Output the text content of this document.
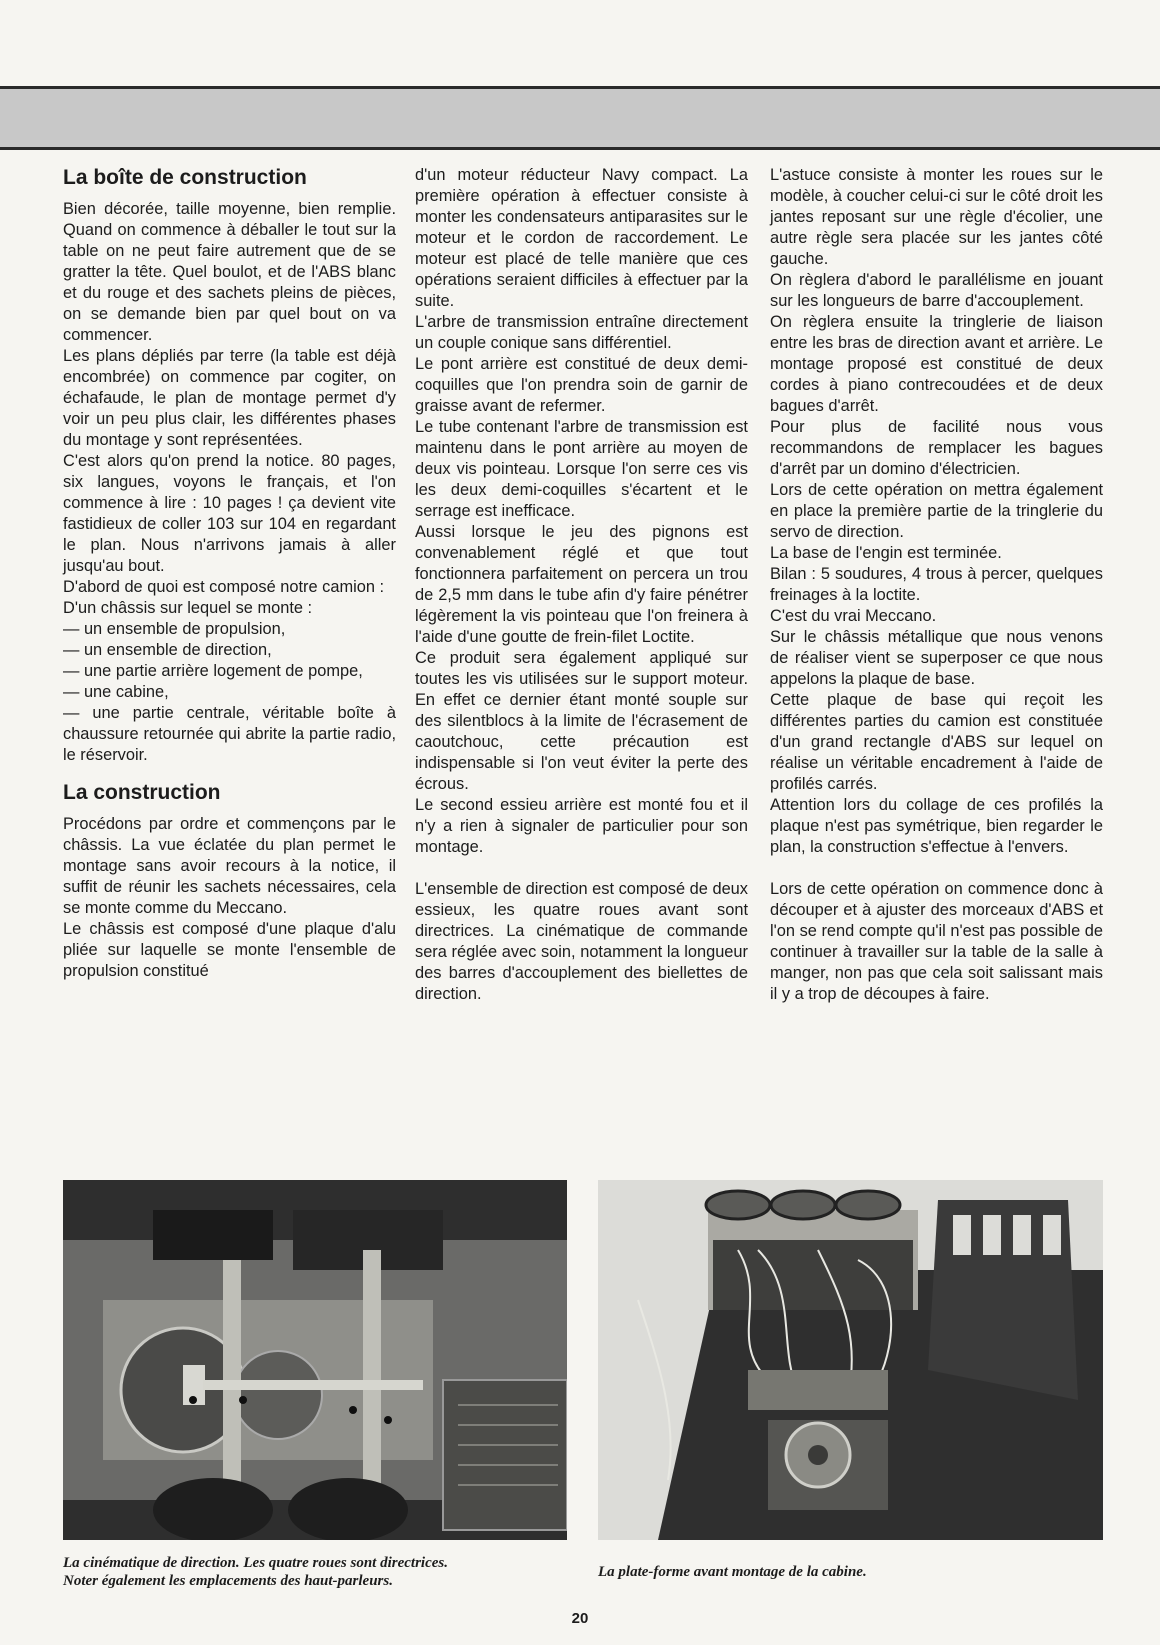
La boîte de construction

Bien décorée, taille moyenne, bien remplie. Quand on commence à déballer le tout sur la table on ne peut faire autrement que de se gratter la tête. Quel boulot, et de l'ABS blanc et du rouge et des sachets pleins de pièces, on se demande bien par quel bout on va commencer.

Les plans dépliés par terre (la table est déjà encombrée) on commence par cogiter, on échafaude, le plan de montage permet d'y voir un peu plus clair, les différentes phases du montage y sont représentées.

C'est alors qu'on prend la notice. 80 pages, six langues, voyons le français, et l'on commence à lire : 10 pages ! ça devient vite fastidieux de coller 103 sur 104 en regardant le plan. Nous n'arrivons jamais à aller jusqu'au bout.

D'abord de quoi est composé notre camion :

D'un châssis sur lequel se monte :

— un ensemble de propulsion,

— un ensemble de direction,

— une partie arrière logement de pompe,

— une cabine,

— une partie centrale, véritable boîte à chaussure retournée qui abrite la partie radio, le réservoir.

La construction

Procédons par ordre et commençons par le châssis. La vue éclatée du plan permet le montage sans avoir recours à la notice, il suffit de réunir les sachets nécessaires, cela se monte comme du Meccano.

Le châssis est composé d'une plaque d'alu pliée sur laquelle se monte l'ensemble de propulsion constitué

d'un moteur réducteur Navy compact. La première opération à effectuer consiste à monter les condensateurs antiparasites sur le moteur et le cordon de raccordement. Le moteur est placé de telle manière que ces opérations seraient difficiles à effectuer par la suite.

L'arbre de transmission entraîne directement un couple conique sans différentiel.

Le pont arrière est constitué de deux demi-coquilles que l'on prendra soin de garnir de graisse avant de refermer.

Le tube contenant l'arbre de transmission est maintenu dans le pont arrière au moyen de deux vis pointeau. Lorsque l'on serre ces vis les deux demi-coquilles s'écartent et le serrage est inefficace.

Aussi lorsque le jeu des pignons est convenablement réglé et que tout fonctionnera parfaitement on percera un trou de 2,5 mm dans le tube afin d'y faire pénétrer légèrement la vis pointeau que l'on freinera à l'aide d'une goutte de frein-filet Loctite.

Ce produit sera également appliqué sur toutes les vis utilisées sur le support moteur. En effet ce dernier étant monté souple sur des silentblocs à la limite de l'écrasement de caoutchouc, cette précaution est indispensable si l'on veut éviter la perte des écrous.

Le second essieu arrière est monté fou et il n'y a rien à signaler de particulier pour son montage.

L'ensemble de direction est composé de deux essieux, les quatre roues avant sont directrices. La cinématique de commande sera réglée avec soin, notamment la longueur des barres d'accouplement des biellettes de direction.

L'astuce consiste à monter les roues sur le modèle, à coucher celui-ci sur le côté droit les jantes reposant sur une règle d'écolier, une autre règle sera placée sur les jantes côté gauche.

On règlera d'abord le parallélisme en jouant sur les longueurs de barre d'accouplement.

On règlera ensuite la tringlerie de liaison entre les bras de direction avant et arrière. Le montage proposé est constitué de deux cordes à piano contrecoudées et de deux bagues d'arrêt.

Pour plus de facilité nous vous recommandons de remplacer les bagues d'arrêt par un domino d'électricien.

Lors de cette opération on mettra également en place la première partie de la tringlerie du servo de direction.

La base de l'engin est terminée.

Bilan : 5 soudures, 4 trous à percer, quelques freinages à la loctite.

C'est du vrai Meccano.

Sur le châssis métallique que nous venons de réaliser vient se superposer ce que nous appelons la plaque de base.

Cette plaque de base qui reçoit les différentes parties du camion est constituée d'un grand rectangle d'ABS sur lequel on réalise un véritable encadrement à l'aide de profilés carrés.

Attention lors du collage de ces profilés la plaque n'est pas symétrique, bien regarder le plan, la construction s'effectue à l'envers.

Lors de cette opération on commence donc à découper et à ajuster des morceaux d'ABS et l'on se rend compte qu'il n'est pas possible de continuer à travailler sur la table de la salle à manger, non pas que cela soit salissant mais il y a trop de découpes à faire.

La cinématique de direction. Les quatre roues sont directrices.
Noter également les emplacements des haut-parleurs.
La plate-forme avant montage de la cabine.
20
